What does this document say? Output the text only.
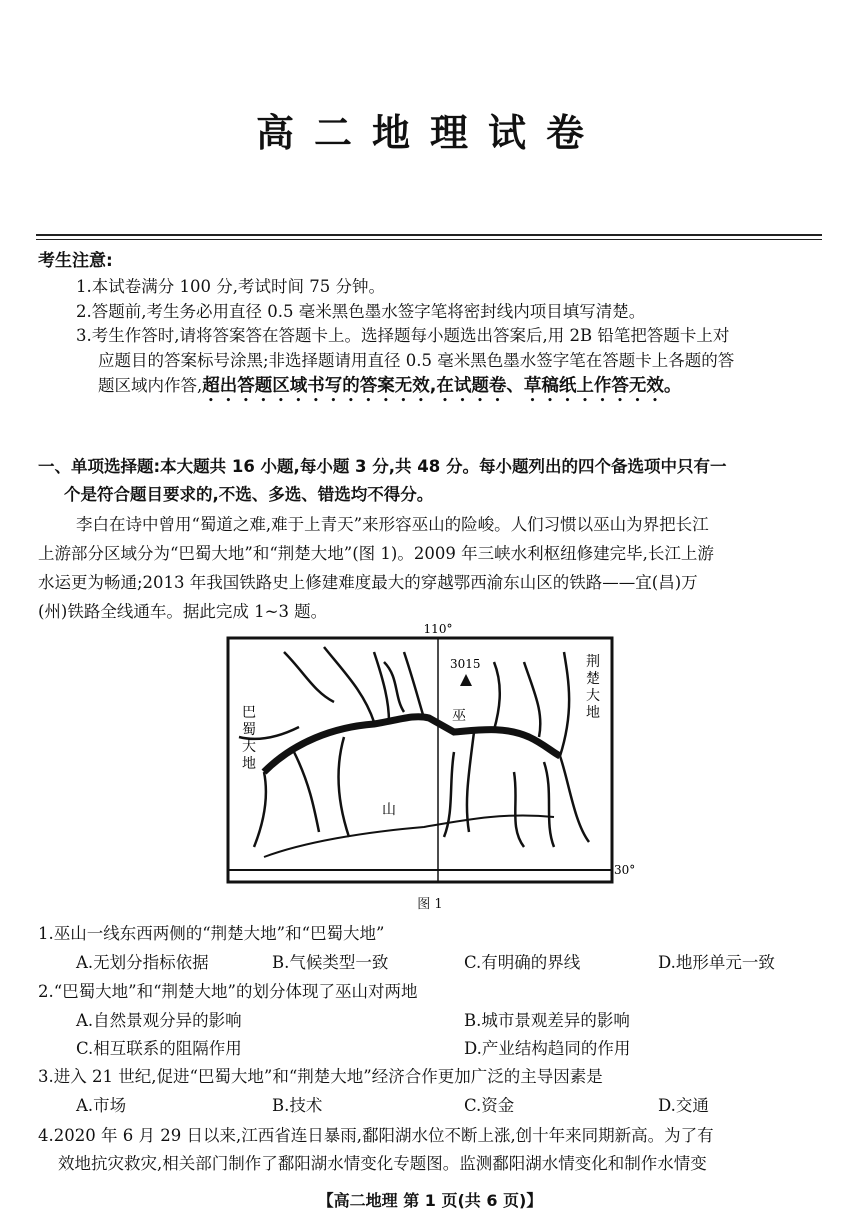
高二地理试卷
考生注意:
1.本试卷满分 100 分,考试时间 75 分钟。
2.答题前,考生务必用直径 0.5 毫米黑色墨水签字笔将密封线内项目填写清楚。
3.考生作答时,请将答案答在答题卡上。选择题每小题选出答案后,用 2B 铅笔把答题卡上对
应题目的答案标号涂黑;非选择题请用直径 0.5 毫米黑色墨水签字笔在答题卡上各题的答
题区域内作答,超出答题区域书写的答案无效,在试题卷、草稿纸上作答无效。
一、单项选择题:本大题共 16 小题,每小题 3 分,共 48 分。每小题列出的四个备选项中只有一
个是符合题目要求的,不选、多选、错选均不得分。
李白在诗中曾用“蜀道之难,难于上青天”来形容巫山的险峻。人们习惯以巫山为界把长江
上游部分区域分为“巴蜀大地”和“荆楚大地”(图 1)。2009 年三峡水利枢纽修建完毕,长江上游
水运更为畅通;2013 年我国铁路史上修建难度最大的穿越鄂西渝东山区的铁路——宜(昌)万
(州)铁路全线通车。据此完成 1~3 题。
3015
110°
30°
巫
山
巴蜀大地
荆楚大地
图 1
1.巫山一线东西两侧的“荆楚大地”和“巴蜀大地”
A.无划分指标依据	B.气候类型一致	C.有明确的界线	D.地形单元一致
2.“巴蜀大地”和“荆楚大地”的划分体现了巫山对两地
A.自然景观分异的影响	B.城市景观差异的影响
C.相互联系的阻隔作用	D.产业结构趋同的作用
3.进入 21 世纪,促进“巴蜀大地”和“荆楚大地”经济合作更加广泛的主导因素是
A.市场	B.技术	C.资金	D.交通
4.2020 年 6 月 29 日以来,江西省连日暴雨,鄱阳湖水位不断上涨,创十年来同期新高。为了有
效地抗灾救灾,相关部门制作了鄱阳湖水情变化专题图。监测鄱阳湖水情变化和制作水情变
【高二地理 第 1 页(共 6 页)】
